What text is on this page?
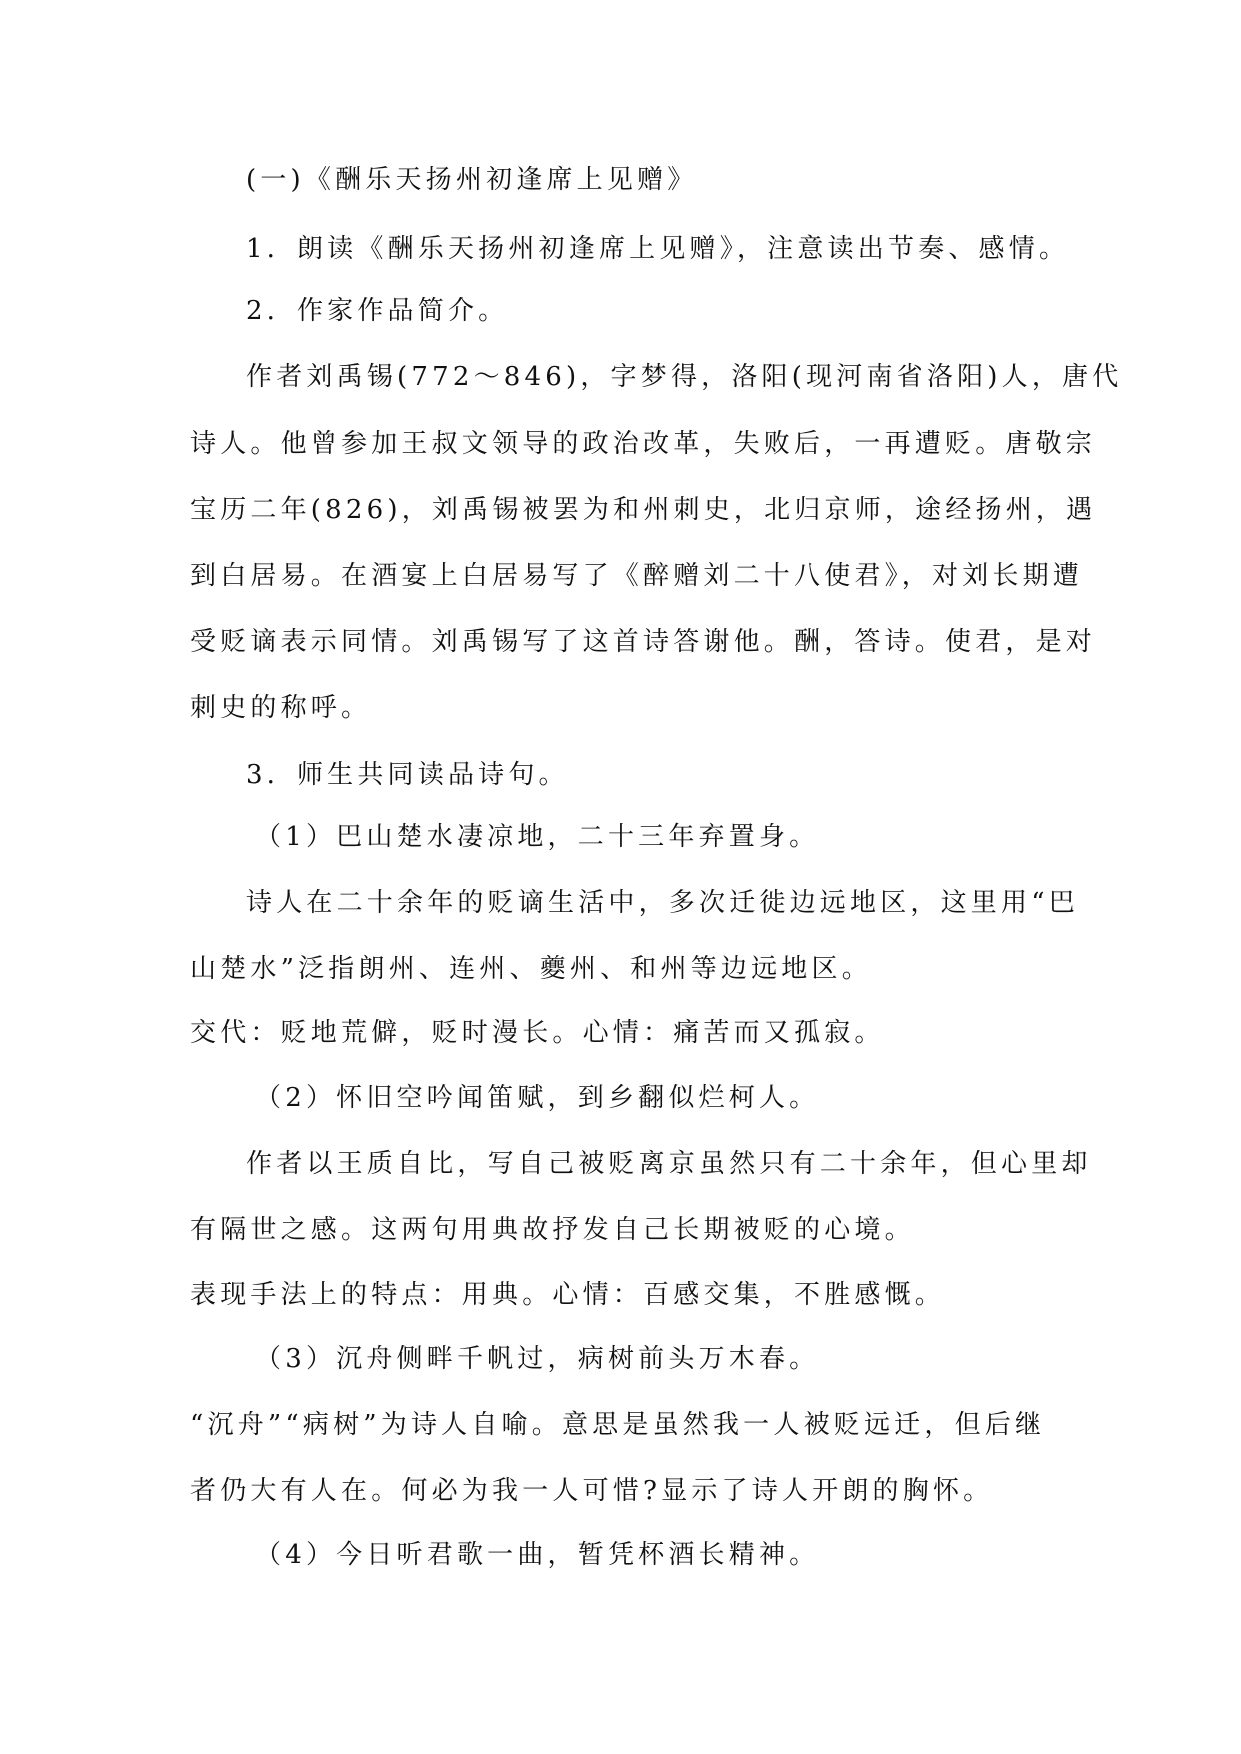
(一)《酬乐天扬州初逢席上见赠》
1．朗读《酬乐天扬州初逢席上见赠》，注意读出节奏、感情。
2．作家作品简介。
作者刘禹锡(772～846)，字梦得，洛阳(现河南省洛阳)人，唐代
诗人。他曾参加王叔文领导的政治改革，失败后，一再遭贬。唐敬宗
宝历二年(826)，刘禹锡被罢为和州刺史，北归京师，途经扬州，遇
到白居易。在酒宴上白居易写了《醉赠刘二十八使君》，对刘长期遭
受贬谪表示同情。刘禹锡写了这首诗答谢他。酬，答诗。使君，是对
刺史的称呼。
3．师生共同读品诗句。
（1）巴山楚水凄凉地，二十三年弃置身。
诗人在二十余年的贬谪生活中，多次迁徙边远地区，这里用“巴
山楚水”泛指朗州、连州、夔州、和州等边远地区。
交代：贬地荒僻，贬时漫长。心情：痛苦而又孤寂。
（2）怀旧空吟闻笛赋，到乡翻似烂柯人。
作者以王质自比，写自己被贬离京虽然只有二十余年，但心里却
有隔世之感。这两句用典故抒发自己长期被贬的心境。
表现手法上的特点：用典。心情：百感交集，不胜感慨。
（3）沉舟侧畔千帆过，病树前头万木春。
“沉舟”“病树”为诗人自喻。意思是虽然我一人被贬远迁，但后继
者仍大有人在。何必为我一人可惜?显示了诗人开朗的胸怀。
（4）今日听君歌一曲，暂凭杯酒长精神。
